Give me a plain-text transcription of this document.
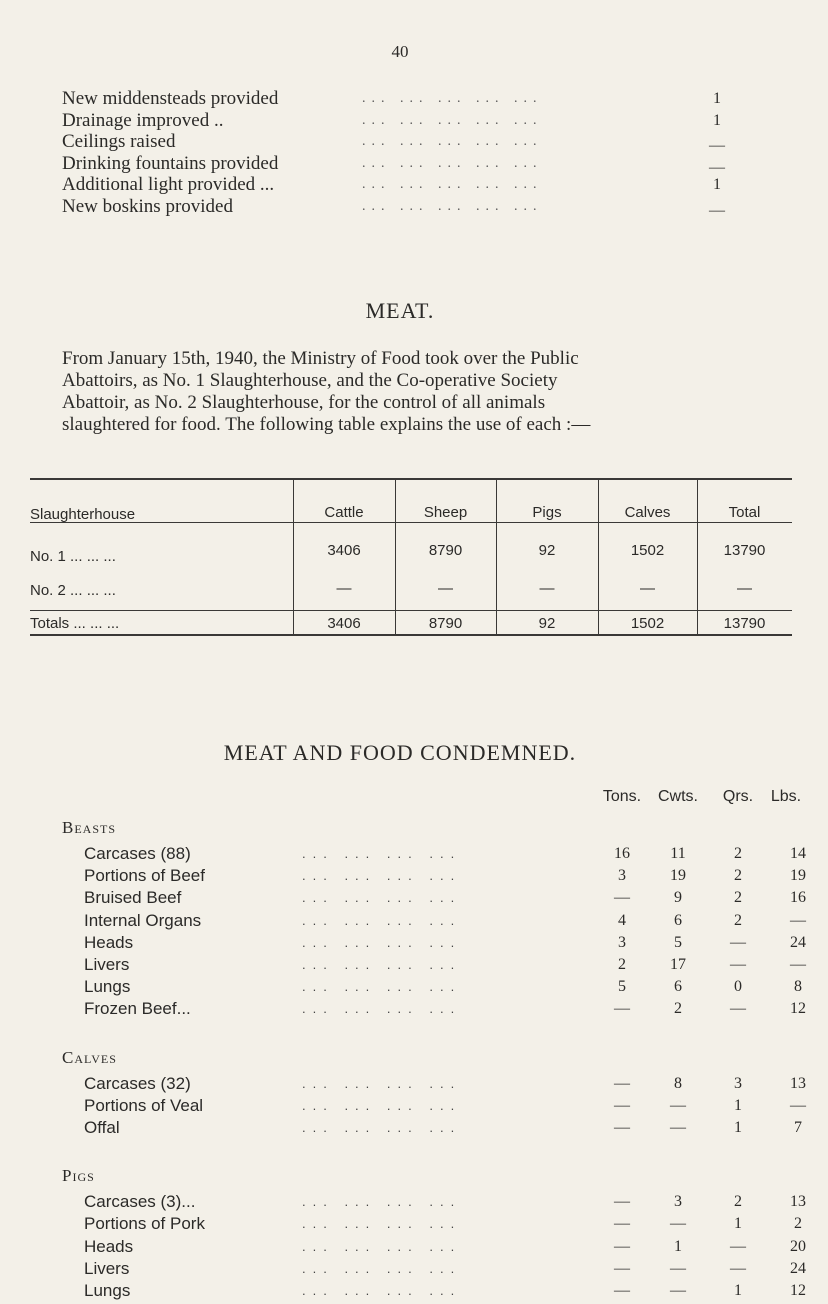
40
New middensteads provided	... ... ... ... ...	1
Drainage improved ..	... ... ... ... ...	1
Ceilings raised	... ... ... ... ...	—
Drinking fountains provided	... ... ... ... ...	—
Additional light provided ...	... ... ... ... ...	1
New boskins provided	... ... ... ... ...	—
MEAT.
From January 15th, 1940, the Ministry of Food took over the Public
Abattoirs, as No. 1 Slaughterhouse, and the Co-operative Society
Abattoir, as No. 2 Slaughterhouse, for the control of all animals
slaughtered for food. The following table explains the use of each :—
Slaughterhouse	Cattle	Sheep	Pigs	Calves	Total
No. 1 ... ... ...	3406	8790	92	1502	13790
No. 2 ... ... ...	—	—	—	—	—
Totals ... ... ...	3406	8790	92	1502	13790
MEAT AND FOOD CONDEMNED.
Tons.	Cwts.	Qrs.	Lbs.
Beasts
Carcases (88)	... ... ... ...	16	11	2	14
Portions of Beef	... ... ... ...	3	19	2	19
Bruised Beef	... ... ... ...	—	9	2	16
Internal Organs	... ... ... ...	4	6	2	—
Heads	... ... ... ...	3	5	—	24
Livers	... ... ... ...	2	17	—	—
Lungs	... ... ... ...	5	6	0	8
Frozen Beef...	... ... ... ...	—	2	—	12
Calves
Carcases (32)	... ... ... ...	—	8	3	13
Portions of Veal	... ... ... ...	—	—	1	—
Offal	... ... ... ...	—	—	1	7
Pigs
Carcases (3)...	... ... ... ...	—	3	2	13
Portions of Pork	... ... ... ...	—	—	1	2
Heads	... ... ... ...	—	1	—	20
Livers	... ... ... ...	—	—	—	24
Lungs	... ... ... ...	—	—	1	12
